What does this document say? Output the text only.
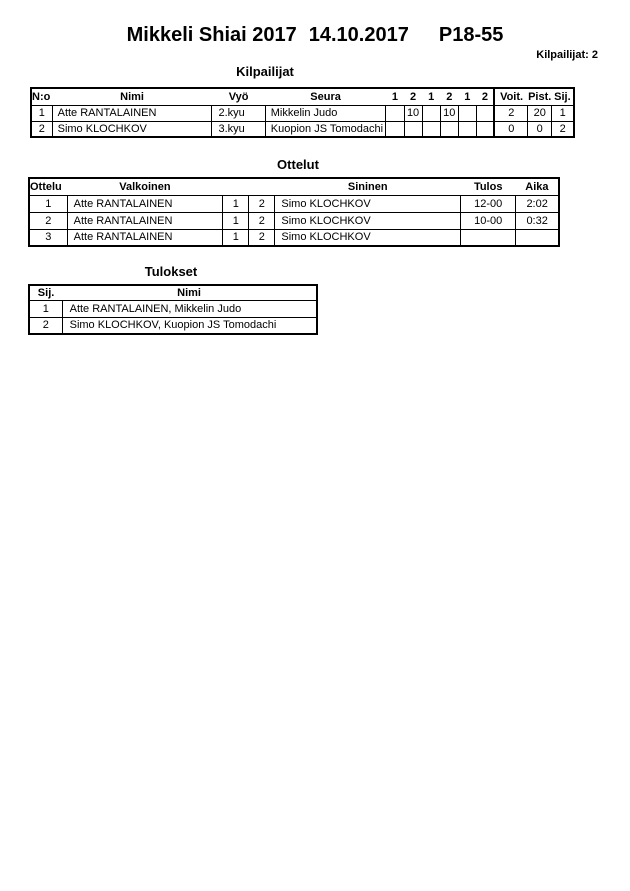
Mikkeli Shiai 2017 14.10.2017 P18-55
Kilpailijat: 2
Kilpailijat
N:o	Nimi	Vyö	Seura	1	2	1	2	1	2	Voit.	Pist.	Sij.
1	Atte RANTALAINEN	2.kyu	Mikkelin Judo		10		10			2	20	1
2	Simo KLOCHKOV	3.kyu	Kuopion JS Tomodachi							0	0	2
Ottelut
Ottelu	Valkoinen			Sininen	Tulos	Aika
1	Atte RANTALAINEN	1	2	Simo KLOCHKOV	12-00	2:02
2	Atte RANTALAINEN	1	2	Simo KLOCHKOV	10-00	0:32
3	Atte RANTALAINEN	1	2	Simo KLOCHKOV		
Tulokset
Sij.	Nimi
1	Atte RANTALAINEN, Mikkelin Judo
2	Simo KLOCHKOV, Kuopion JS Tomodachi
